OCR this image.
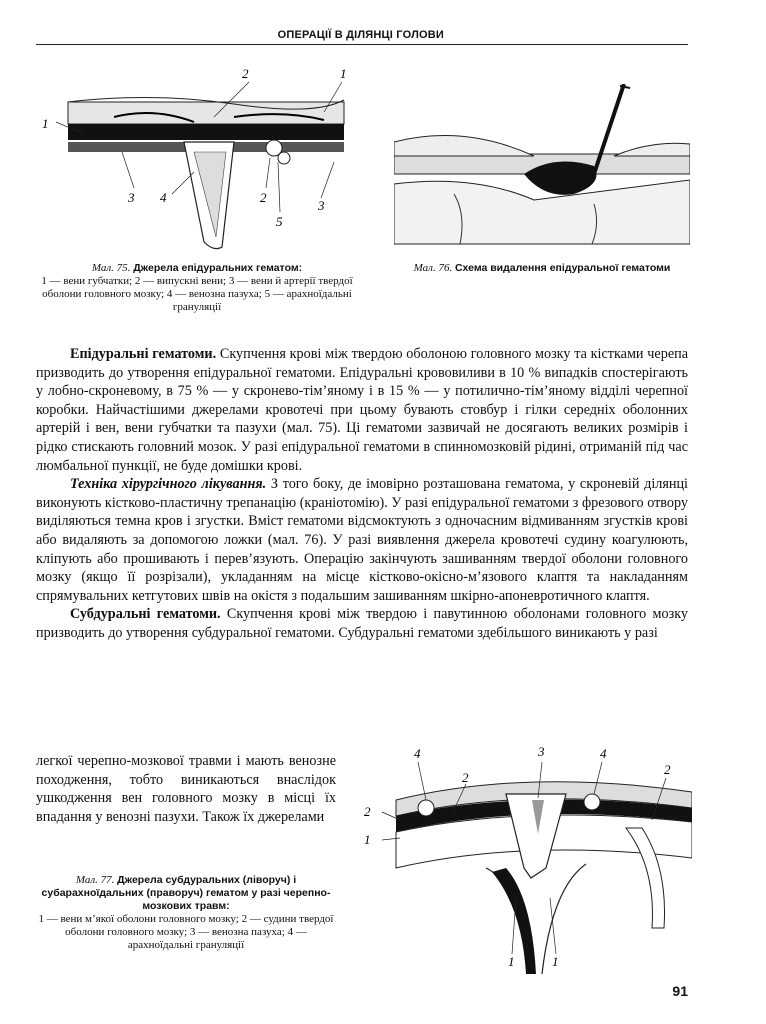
ОПЕРАЦІЇ В ДІЛЯНЦІ ГОЛОВИ
1
2	1
3 4	2
3
5
Мал. 75. Джерела епідуральних гематом:
1 — вени губчатки; 2 — випускні вени; 3 — вени й артерії твердої оболони головного мозку; 4 — венозна пазуха; 5 — арахноїдальні грануляції
Мал. 76. Схема видалення епідуральної гематоми

Епідуральні гематоми. Скупчення крові між твердою оболоною головного мозку та кістками черепа призводить до утворення епідуральної гематоми. Епідуральні крововиливи в 10 % випадків спостерігають у лобно-скроневому, в 75 % — у скронево-тім’яному і в 15 % — у потилично-тім’яному відділі черепної коробки. Найчастішими джерелами кровотечі при цьому бувають стовбур і гілки середніх оболонних артерій і вен, вени губчатки та пазухи (мал. 75). Ці гематоми зазвичай не досягають великих розмірів і рідко стискають головний мозок. У разі епідуральної гематоми в спинномозковій рідині, отриманій під час люмбальної пункції, не буде домішки крові.

Техніка хірургічного лікування. З того боку, де імовірно розташована гематома, у скроневій ділянці виконують кістково-пластичну трепанацію (краніотомію). У разі епідуральної гематоми з фрезового отвору виділяються темна кров і згустки. Вміст гематоми відсмоктують з одночасним відмиванням згустків крові або видаляють за допомогою ложки (мал. 76). У разі виявлення джерела кровотечі судину коагулюють, кліпують або прошивають і перев’язують. Операцію закінчують зашиванням твердої оболони головного мозку (якщо її розрізали), укладанням на місце кістково-окісно-м’язового клаптя та накладанням спрямувальних кетгутових швів на окістя з подальшим зашиванням шкірно-апоневротичного клаптя.

Субдуральні гематоми. Скупчення крові між твердою і павутинною оболонами головного мозку призводить до утворення субдуральної гематоми. Субдуральні гематоми здебільшого виникають у разі

легкої черепно-мозкової травми і мають венозне походження, тобто виникаються внаслідок ушкодження вен головного мозку в місці їх впадання у венозні пазухи. Також їх джерелами

4	3	4
2
2
2
1
1	1
Мал. 77. Джерела субдуральних (ліворуч) і субарахноїдальних (праворуч) гематом у разі черепно-мозкових травм:
1 — вени м’якої оболони головного мозку; 2 — судини твердої оболони головного мозку; 3 — венозна пазуха; 4 — арахноїдальні грануляції
91
